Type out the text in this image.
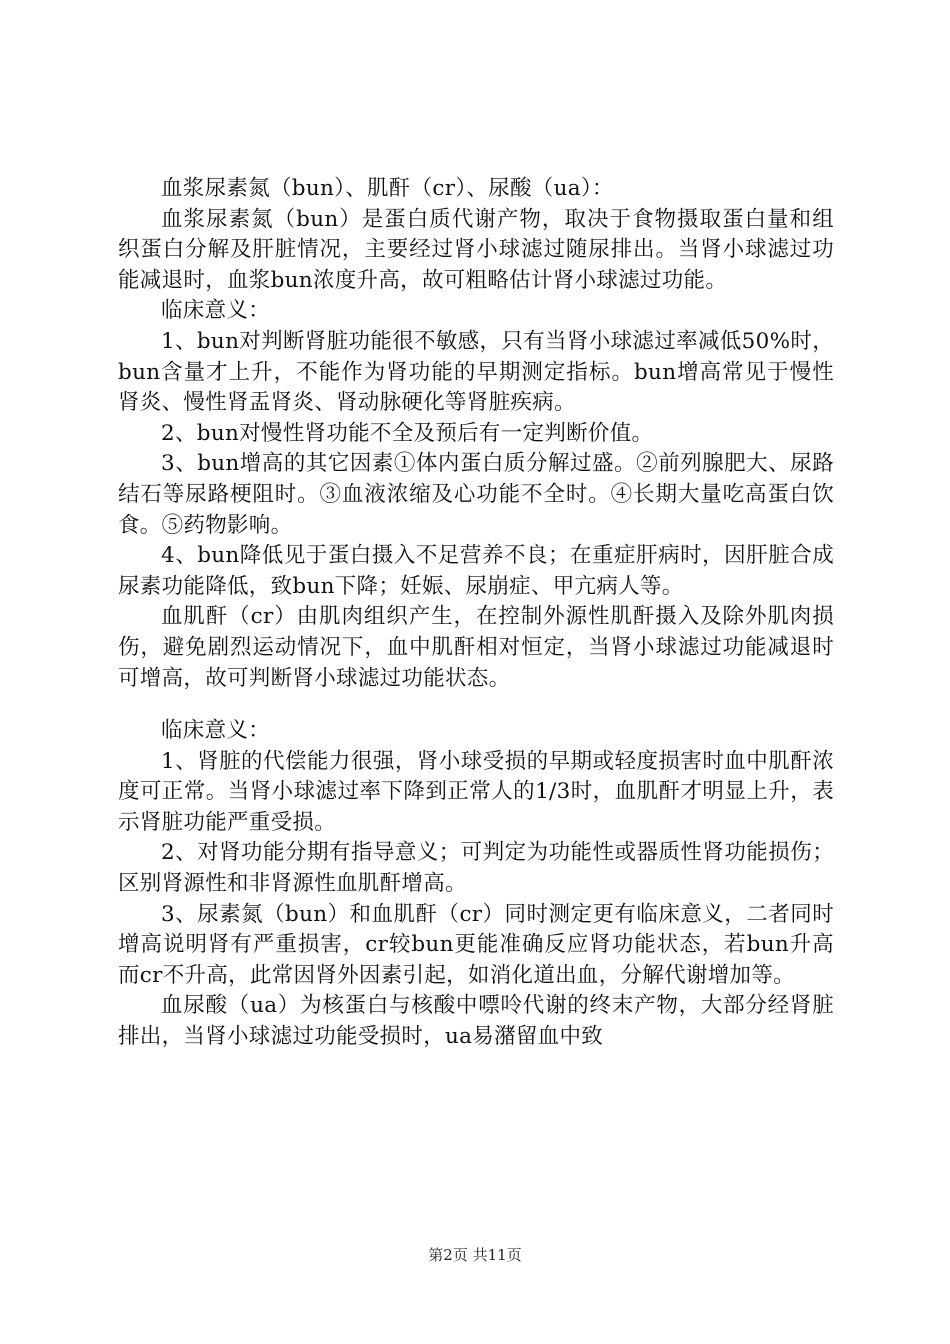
血浆尿素氮（bun）、肌酐（cr）、尿酸（ua）：

血浆尿素氮（bun）是蛋白质代谢产物，取决于食物摄取蛋白量和组织蛋白分解及肝脏情况，主要经过肾小球滤过随尿排出。当肾小球滤过功能减退时，血浆bun浓度升高，故可粗略估计肾小球滤过功能。

临床意义：

1、bun对判断肾脏功能很不敏感，只有当肾小球滤过率减低50%时，bun含量才上升，不能作为肾功能的早期测定指标。bun增高常见于慢性肾炎、慢性肾盂肾炎、肾动脉硬化等肾脏疾病。

2、bun对慢性肾功能不全及预后有一定判断价值。

3、bun增高的其它因素①体内蛋白质分解过盛。②前列腺肥大、尿路结石等尿路梗阻时。③血液浓缩及心功能不全时。④长期大量吃高蛋白饮食。⑤药物影响。

4、bun降低见于蛋白摄入不足营养不良；在重症肝病时，因肝脏合成尿素功能降低，致bun下降；妊娠、尿崩症、甲亢病人等。

血肌酐（cr）由肌肉组织产生，在控制外源性肌酐摄入及除外肌肉损伤，避免剧烈运动情况下，血中肌酐相对恒定，当肾小球滤过功能减退时可增高，故可判断肾小球滤过功能状态。

临床意义：

1、肾脏的代偿能力很强，肾小球受损的早期或轻度损害时血中肌酐浓度可正常。当肾小球滤过率下降到正常人的1/3时，血肌酐才明显上升，表示肾脏功能严重受损。

2、对肾功能分期有指导意义；可判定为功能性或器质性肾功能损伤；区别肾源性和非肾源性血肌酐增高。

3、尿素氮（bun）和血肌酐（cr）同时测定更有临床意义，二者同时增高说明肾有严重损害，cr较bun更能准确反应肾功能状态，若bun升高而cr不升高，此常因肾外因素引起，如消化道出血，分解代谢增加等。

血尿酸（ua）为核蛋白与核酸中嘌呤代谢的终末产物，大部分经肾脏排出，当肾小球滤过功能受损时，ua易潴留血中致

第2页 共11页
